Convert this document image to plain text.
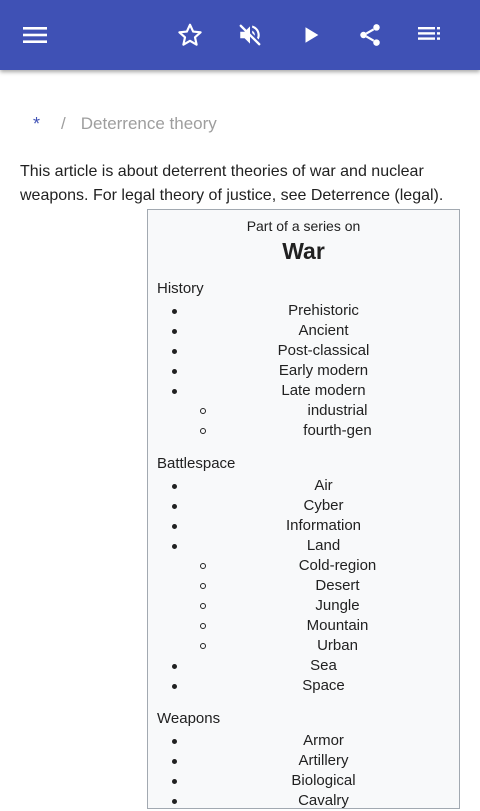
* / Deterrence theory

This article is about deterrent theories of war and nuclear weapons. For legal theory of justice, see Deterrence (legal).

Part of a series on
War
History
Prehistoric
Ancient
Post-classical
Early modern
Late modern
industrial
fourth-gen
Battlespace
Air
Cyber
Information
Land
Cold-region
Desert
Jungle
Mountain
Urban
Sea
Space
Weapons
Armor
Artillery
Biological
Cavalry
